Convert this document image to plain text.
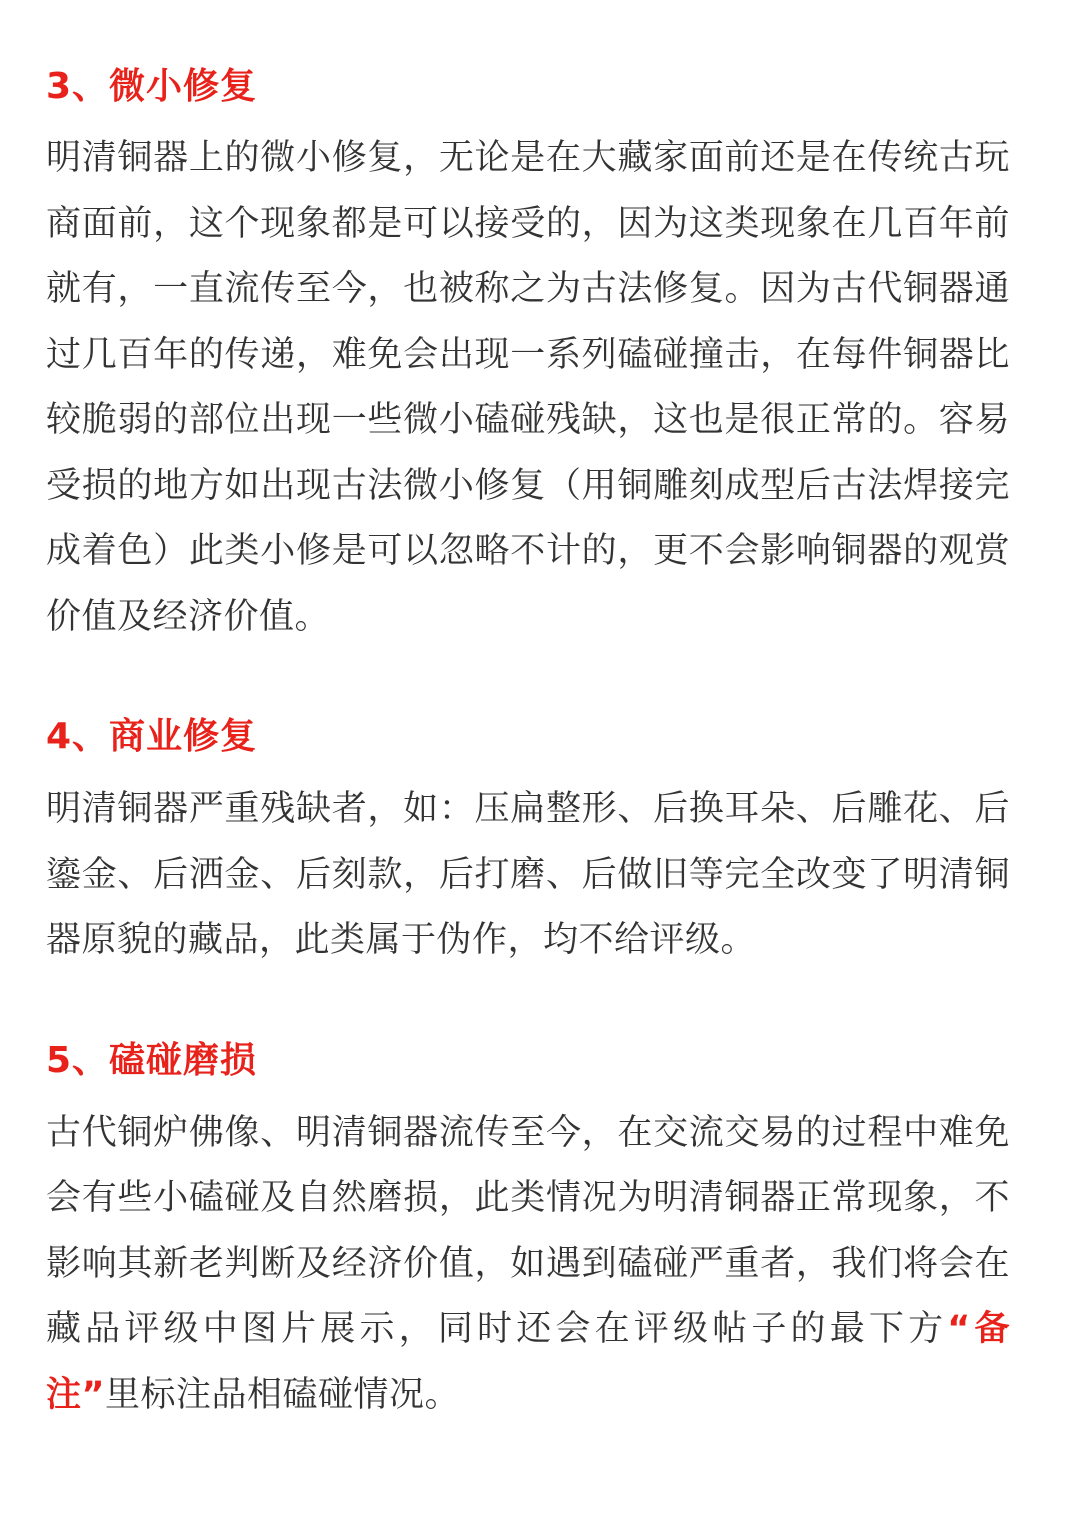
3、微小修复

明清铜器上的微小修复，无论是在大藏家面前还是在传统古玩商面前，这个现象都是可以接受的，因为这类现象在几百年前就有，一直流传至今，也被称之为古法修复。因为古代铜器通过几百年的传递，难免会出现一系列磕碰撞击，在每件铜器比较脆弱的部位出现一些微小磕碰残缺，这也是很正常的。容易受损的地方如出现古法微小修复（用铜雕刻成型后古法焊接完成着色）此类小修是可以忽略不计的，更不会影响铜器的观赏价值及经济价值。

4、商业修复

明清铜器严重残缺者，如：压扁整形、后换耳朵、后雕花、后鎏金、后洒金、后刻款，后打磨、后做旧等完全改变了明清铜器原貌的藏品，此类属于伪作，均不给评级。

5、磕碰磨损

古代铜炉佛像、明清铜器流传至今，在交流交易的过程中难免会有些小磕碰及自然磨损，此类情况为明清铜器正常现象，不影响其新老判断及经济价值，如遇到磕碰严重者，我们将会在藏品评级中图片展示，同时还会在评级帖子的最下方“备注”里标注品相磕碰情况。
